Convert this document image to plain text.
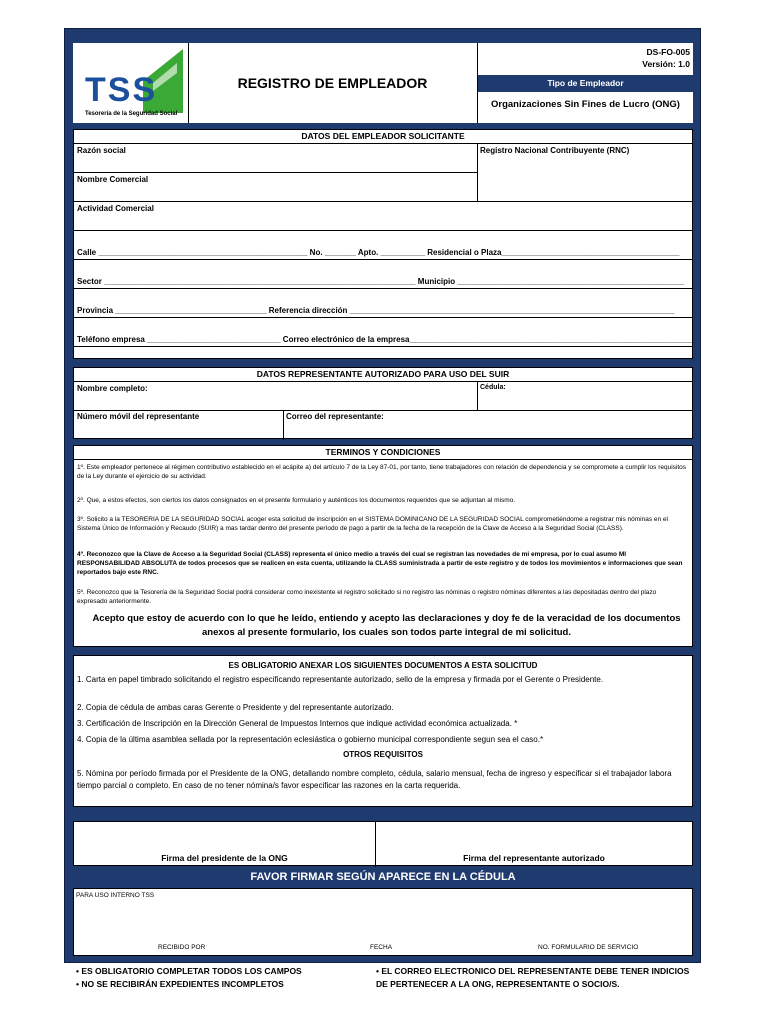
TSS
Tesorería de la Seguridad Social
REGISTRO DE EMPLEADOR
DS-FO-005
Versión: 1.0
Tipo de Empleador
Organizaciones Sin Fines de Lucro (ONG)
DATOS DEL EMPLEADOR SOLICITANTE
Razón social	Registro Nacional Contribuyente (RNC)
Nombre Comercial
Actividad Comercial
Calle _______________________________________________ No. _______ Apto. __________ Residencial o Plaza________________________________________
Sector ______________________________________________________________________ Municipio ___________________________________________________
Provincia __________________________________ Referencia dirección _________________________________________________________________________
Teléfono empresa ______________________________ Correo electrónico de la empresa________________________________________________________________
DATOS REPRESENTANTE AUTORIZADO PARA USO DEL SUIR
Nombre completo:	Cédula:
Número móvil del representante	Correo del representante:
TERMINOS Y CONDICIONES

1º. Este empleador pertenece al régimen contributivo establecido en el acápite a) del artículo 7 de la Ley 87-01, por tanto, tiene trabajadores con relación de dependencia y se compromete a cumplir los requisitos de la Ley durante el ejercicio de su actividad.

2º. Que, a estos efectos, son ciertos los datos consignados en el presente formulario y auténticos los documentos requeridos que se adjuntan al mismo.

3º. Solicito a la TESORERIA DE LA SEGURIDAD SOCIAL acoger esta solicitud de inscripción en el SISTEMA DOMINICANO DE LA SEGURIDAD SOCIAL comprometiéndome a registrar mis nóminas en el Sistema Único de Información y Recaudo (SUIR) a mas tardar dentro del presente período de pago a partir de la fecha de la recepción de la Clave de Acceso a la Seguridad Social (CLASS).

4º. Reconozco que la Clave de Acceso a la Seguridad Social (CLASS) representa el único medio a través del cual se registran las novedades de mi empresa, por lo cual asumo MI RESPONSABILIDAD ABSOLUTA de todos procesos que se realicen en esta cuenta, utilizando la CLASS suministrada a partir de este registro y de todos los movimientos e informaciones que sean reportados bajo este RNC.

5º. Reconozco que la Tesorería de la Seguridad Social podrá considerar como inexistente el registro solicitado si no registro las nóminas o registro nóminas diferentes a las depositadas dentro del plazo expresado anteriormente.

Acepto que estoy de acuerdo con lo que he leído, entiendo y acepto las declaraciones y doy fe de la veracidad de los documentos anexos al presente formulario, los cuales son todos parte integral de mi solicitud.

ES OBLIGATORIO ANEXAR LOS SIGUIENTES DOCUMENTOS A ESTA SOLICITUD

1. Carta en papel timbrado solicitando el registro especificando representante autorizado, sello de la empresa y firmada por el Gerente o Presidente.

2. Copia de cédula de ambas caras Gerente o Presidente y del representante autorizado.

3. Certificación de Inscripción en la Dirección General de Impuestos Internos que indique actividad económica actualizada. *

4. Copia de la última asamblea sellada por la representación eclesiástica o gobierno municipal correspondiente segun sea el caso.*

OTROS REQUISITOS

5. Nómina por período firmada por el Presidente de la ONG, detallando nombre completo, cédula, salario mensual, fecha de ingreso y especificar si el trabajador labora tiempo parcial o completo. En caso de no tener nómina/s favor especificar las razones en la carta requerida.

Firma del presidente de la ONG	Firma del representante autorizado
FAVOR FIRMAR SEGÚN APARECE EN LA CÉDULA
PARA USO INTERNO TSS
RECIBIDO POR	FECHA	NO. FORMULARIO DE SERVICIO
• ES OBLIGATORIO COMPLETAR TODOS LOS CAMPOS
• NO SE RECIBIRÁN EXPEDIENTES INCOMPLETOS
• EL CORREO ELECTRONICO DEL REPRESENTANTE DEBE TENER INDICIOS DE PERTENECER A LA ONG, REPRESENTANTE O SOCIO/S.
